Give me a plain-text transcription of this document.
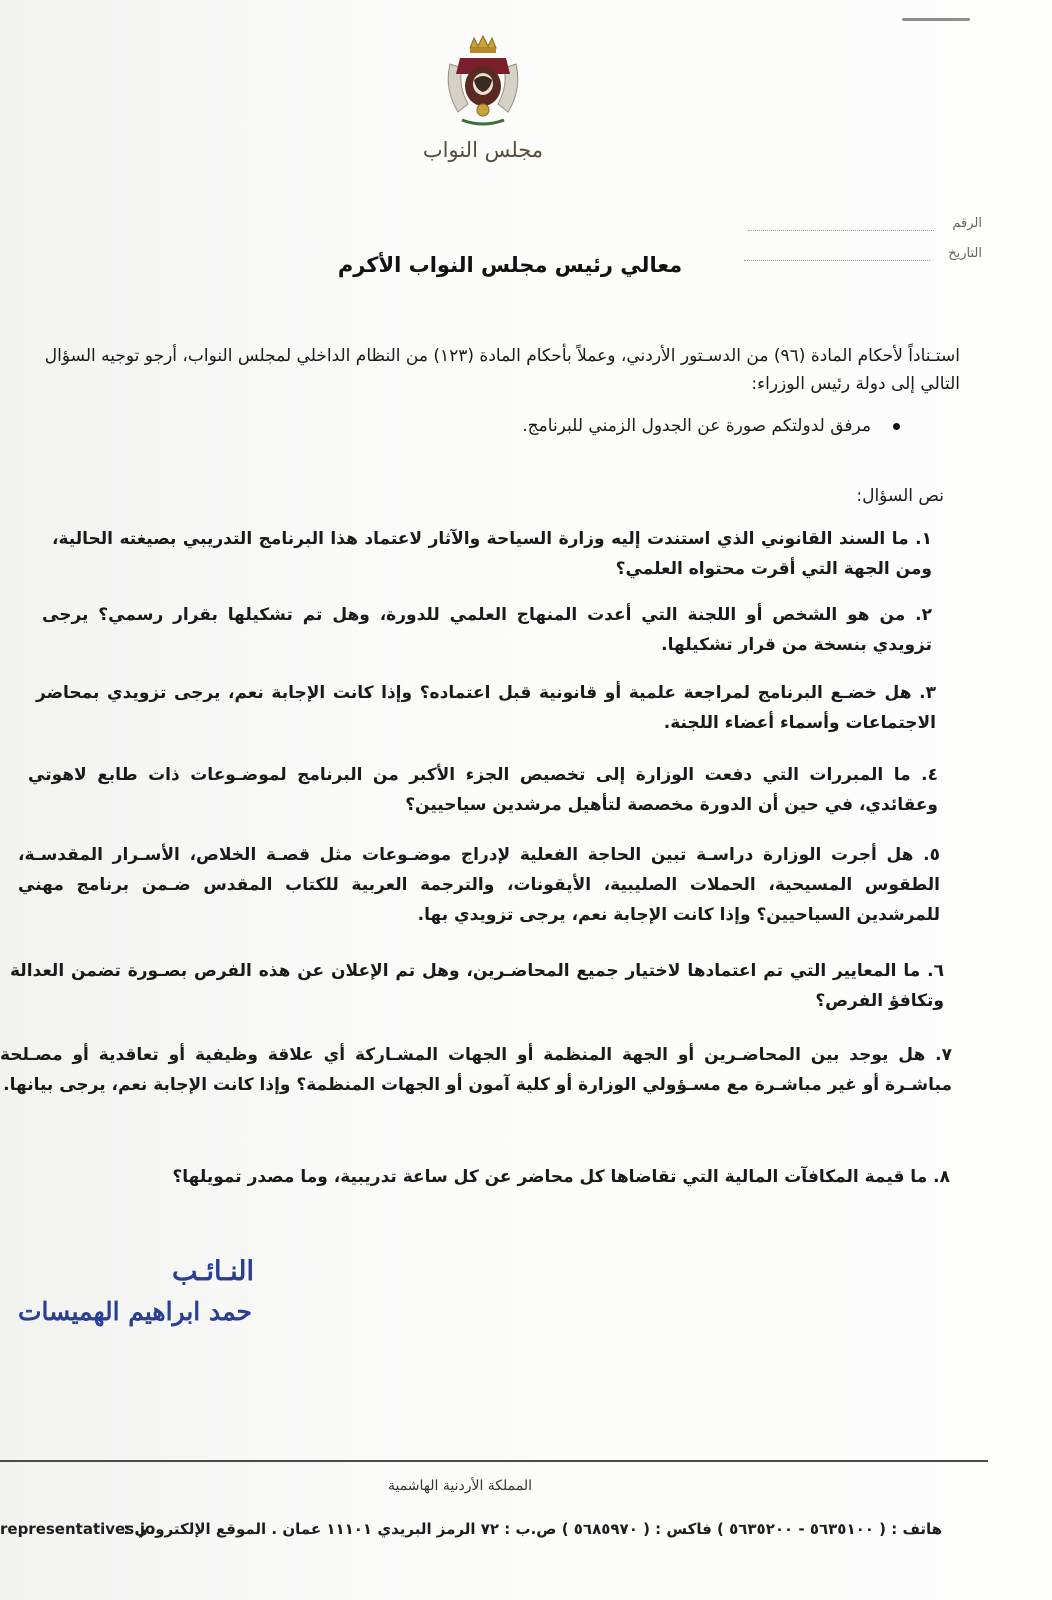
مجلس النواب
الرقم
التاريخ
معالي رئيس مجلس النواب الأكرم
استـناداً لأحكام المادة (٩٦) من الدسـتور الأردني، وعملاً بأحكام المادة (١٢٣) من النظام الداخلي لمجلس النواب، أرجو توجيه السؤال التالي إلى دولة رئيس الوزراء:
مرفق لدولتكم صورة عن الجدول الزمني للبرنامج.
نص السؤال:
١. ما السند القانوني الذي استندت إليه وزارة السياحة والآثار لاعتماد هذا البرنامج التدريبي بصيغته الحالية، ومن الجهة التي أقرت محتواه العلمي؟
٢. من هو الشخص أو اللجنة التي أعدت المنهاج العلمي للدورة، وهل تم تشكيلها بقرار رسمي؟ يرجى تزويدي بنسخة من قرار تشكيلها.
٣. هل خضـع البرنامج لمراجعة علمية أو قانونية قبل اعتماده؟ وإذا كانت الإجابة نعم، يرجى تزويدي بمحاضر الاجتماعات وأسماء أعضاء اللجنة.
٤. ما المبررات التي دفعت الوزارة إلى تخصيص الجزء الأكبر من البرنامج لموضـوعات ذات طابع لاهوتي وعقائدي، في حين أن الدورة مخصصة لتأهيل مرشدين سياحيين؟
٥. هل أجرت الوزارة دراسـة تبين الحاجة الفعلية لإدراج موضـوعات مثل قصـة الخلاص، الأسـرار المقدسـة، الطقوس المسيحية، الحملات الصليبية، الأيقونات، والترجمة العربية للكتاب المقدس ضـمن برنامج مهني للمرشدين السياحيين؟ وإذا كانت الإجابة نعم، يرجى تزويدي بها.
٦. ما المعايير التي تم اعتمادها لاختيار جميع المحاضـرين، وهل تم الإعلان عن هذه الفرص بصـورة تضمن العدالة وتكافؤ الفرص؟
٧. هل يوجد بين المحاضـرين أو الجهة المنظمة أو الجهات المشـاركة أي علاقة وظيفية أو تعاقدية أو مصـلحة مباشـرة أو غير مباشـرة مع مسـؤولي الوزارة أو كلية آمون أو الجهات المنظمة؟ وإذا كانت الإجابة نعم، يرجى بيانها.
٨. ما قيمة المكافآت المالية التي تقاضاها كل محاضر عن كل ساعة تدريبية، وما مصدر تمويلها؟
النـائـب
حمد ابراهيم الهميسات
المملكة الأردنية الهاشمية
هاتف : ( ٥٦٣٥١٠٠ - ٥٦٣٥٢٠٠ ) فاكس : ( ٥٦٨٥٩٧٠ ) ص.ب : ٧٢ الرمز البريدي ١١١٠١ عمان . الموقع الإلكتروني :
representatives.jo
